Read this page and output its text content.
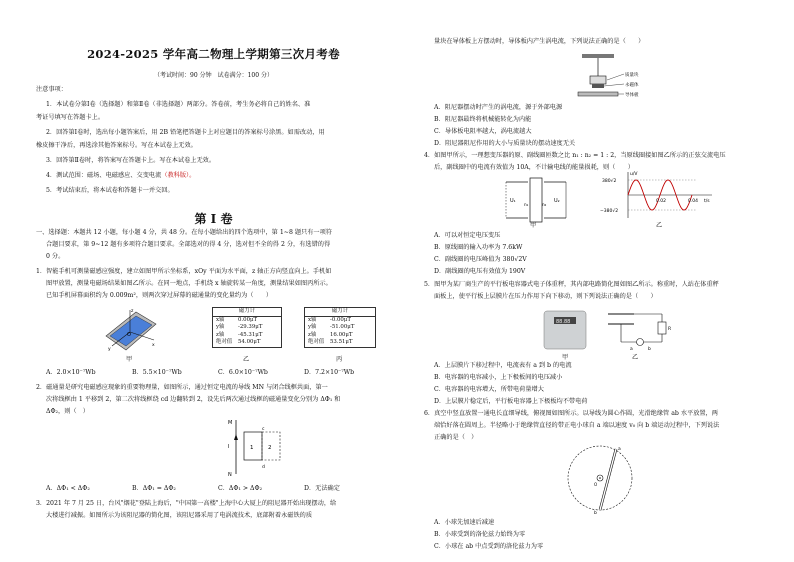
2024-2025 学年高二物理上学期第三次月考卷
（考试时间：90 分钟　试卷满分：100 分）
注意事项：
1．本试卷分第Ⅰ卷（选择题）和第Ⅱ卷（非选择题）两部分。答卷前，考生务必将自己的姓名、准
考证号填写在答题卡上。
2．回答第Ⅰ卷时，选出每小题答案后，用 2B 铅笔把答题卡上对应题目的答案标号涂黑。如需改动，用
橡皮擦干净后，再选涂其他答案标号。写在本试卷上无效。
3．回答第Ⅱ卷时，将答案写在答题卡上。写在本试卷上无效。
4．测试范围：磁场、电磁感应、交变电流（教科版）。
5．考试结束后，将本试卷和答题卡一并交回。
第 Ⅰ 卷
一、选择题：本题共 12 小题，每小题 4 分，共 48 分。在每小题给出的四个选项中，第 1~8 题只有一项符
合题目要求，第 9~12 题有多项符合题目要求。全部选对的得 4 分，选对但不全的得 2 分，有选错的得
0 分。
1．智能手机可测量磁感应强度，建立如图甲所示坐标系，xOy 平面为水平面，z 轴正方向竖直向上。手机如
图甲放置，测量电磁场结果如图乙所示。在同一地点，手机绕 x 轴旋转某一角度，测量结果如图丙所示。
已知手机屏幕面积约为 0.009m²，则两次穿过屏幕的磁通量的变化量约为（　　）
O
z
x
y
甲
磁力计
x轴	0.00μT
y轴	-29.39μT
z轴	-45.31μT
绝对值	54.00μT
乙
磁力计
x轴	-0.00μT
y轴	-51.00μT
z轴	16.00μT
绝对值	53.51μT
丙
A．2.0×10⁻⁷Wb	B．5.5×10⁻⁷Wb	C．6.0×10⁻⁷Wb	D．7.2×10⁻⁷Wb
2．磁通量是研究电磁感应现象的重要物理量，如图所示，通过恒定电流的导线 MN 与闭合线框共面，第一
次将线框由 1 平移到 2，第二次将线框绕 cd 边翻转到 2，设先后两次通过线框的磁通量变化分别为 ΔΦ₁ 和
ΔΦ₂，则（　）
M
N
I	1	2
c
d
A．ΔΦ₁ < ΔΦ₂	B．ΔΦ₁ = ΔΦ₂	C．ΔΦ₁ > ΔΦ₂	D．无法确定
3．2021 年 7 月 25 日，台风"烟花"登陆上海后，"中国第一高楼"上海中心大厦上的阻尼器开始出现摆动，给
大楼进行减振。如图所示为该阻尼器的简化图，该阻尼器采用了电涡流技术，底部附着永磁铁的质
量块在导体板上方摆动时，导体板内产生涡电流，下列说法正确的是（　　）
质量块
永磁体
导体板
A．阻尼器摆动时产生的涡电流，源于外部电源
B．阻尼器最终将机械能转化为内能
C．导体板电阻率越大，涡电流越大
D．阻尼器阻尼作用的大小与质量块的摆动速度无关
4．如图甲所示，一理想变压器的原、副线圈匝数之比 n₁ : n₂ = 1 : 2，当原线圈接如图乙所示的正弦交流电压
后，副线圈中的电流有效值为 10A，不计输电线的能量损耗，则（　　）
U₁	U₂
n₁	n₂
甲
u/V
t/s
380√2
−380√2
0.02	0.04
乙
A．可以对恒定电压变压
B．原线圈的输入功率为 7.6kW
C．副线圈的电压峰值为 380√2V
D．副线圈的电压有效值为 190V
5．图甲为某厂商生产的平行板电容器式电子体重秤，其内部电路简化图如图乙所示。称重时，人站在体重秤
面板上，使平行板上层膜片在压力作用下向下移动，则下列说法正确的是（　　）
88.88
甲
R
a	b
乙
A．上层膜片下移过程中，电流表有 a 到 b 的电流
B．电容器的电容减小，上下极板间的电压减小
C．电容器的电容增大，所带电荷量增大
D．上层膜片稳定后，平行板电容器上下极板均不带电荷
6．真空中竖直放置一通电长直细导线，俯视图如图所示。以导线为圆心作圆，光滑绝缘管 ab 水平放置，两
端恰好落在圆周上。半径略小于绝缘管直径的带正电小球自 a 端以速度 v₀ 向 b 端运动过程中，下列说法
正确的是（　）
a
b
O
A．小球先加速后减速
B．小球受到的洛伦兹力始终为零
C．小球在 ab 中点受到的洛伦兹力为零
